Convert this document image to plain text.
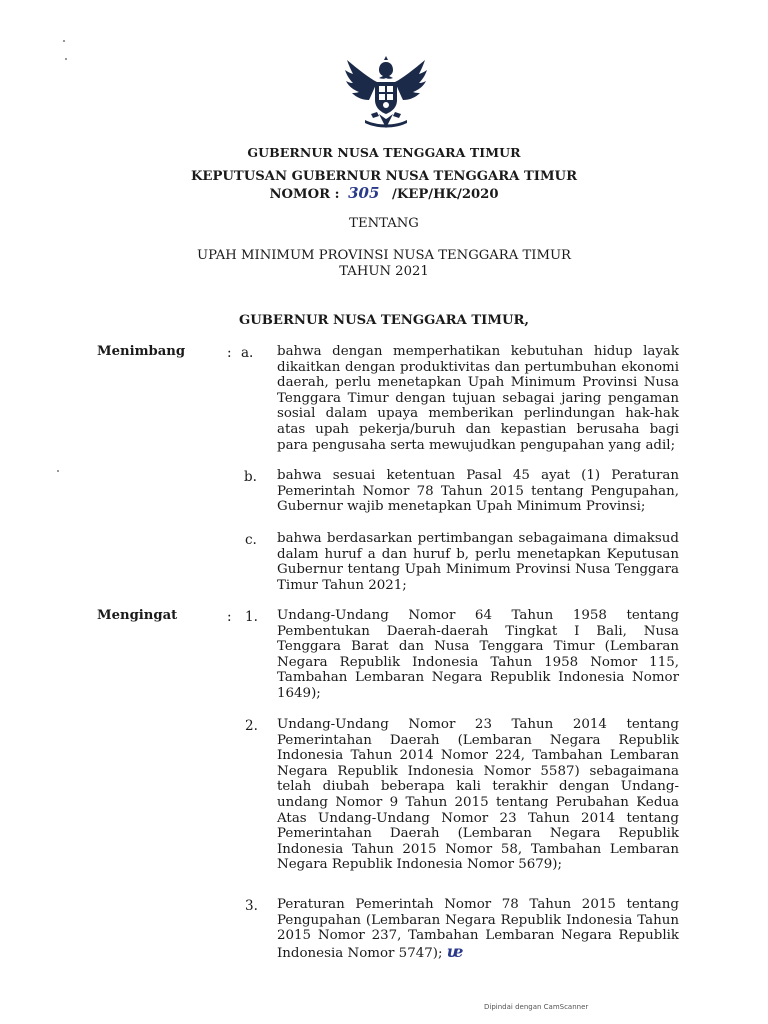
GUBERNUR NUSA TENGGARA TIMUR
KEPUTUSAN GUBERNUR NUSA TENGGARA TIMUR
NOMOR : 305 /KEP/HK/2020
TENTANG
UPAH MINIMUM PROVINSI NUSA TENGGARA TIMUR
TAHUN 2021
GUBERNUR NUSA TENGGARA TIMUR,
Menimbang	: a. bahwa dengan memperhatikan kebutuhan hidup layak dikaitkan dengan produktivitas dan pertumbuhan ekonomi daerah, perlu menetapkan Upah Minimum Provinsi Nusa Tenggara Timur dengan tujuan sebagai jaring pengaman sosial dalam upaya memberikan perlindungan hak-hak atas upah pekerja/buruh dan kepastian berusaha bagi para pengusaha serta mewujudkan pengupahan yang adil;
b. bahwa sesuai ketentuan Pasal 45 ayat (1) Peraturan Pemerintah Nomor 78 Tahun 2015 tentang Pengupahan, Gubernur wajib menetapkan Upah Minimum Provinsi;
c. bahwa berdasarkan pertimbangan sebagaimana dimaksud dalam huruf a dan huruf b, perlu menetapkan Keputusan Gubernur tentang Upah Minimum Provinsi Nusa Tenggara Timur Tahun 2021;
Mengingat	: 1. Undang-Undang Nomor 64 Tahun 1958 tentang Pembentukan Daerah-daerah Tingkat I Bali, Nusa Tenggara Barat dan Nusa Tenggara Timur (Lembaran Negara Republik Indonesia Tahun 1958 Nomor 115, Tambahan Lembaran Negara Republik Indonesia Nomor 1649);
2. Undang-Undang Nomor 23 Tahun 2014 tentang Pemerintahan Daerah (Lembaran Negara Republik Indonesia Tahun 2014 Nomor 224, Tambahan Lembaran Negara Republik Indonesia Nomor 5587) sebagaimana telah diubah beberapa kali terakhir dengan Undang-undang Nomor 9 Tahun 2015 tentang Perubahan Kedua Atas Undang-Undang Nomor 23 Tahun 2014 tentang Pemerintahan Daerah (Lembaran Negara Republik Indonesia Tahun 2015 Nomor 58, Tambahan Lembaran Negara Republik Indonesia Nomor 5679);
3. Peraturan Pemerintah Nomor 78 Tahun 2015 tentang Pengupahan (Lembaran Negara Republik Indonesia Tahun 2015 Nomor 237, Tambahan Lembaran Negara Republik Indonesia Nomor 5747); ᵫ
Dipindai dengan CamScanner
